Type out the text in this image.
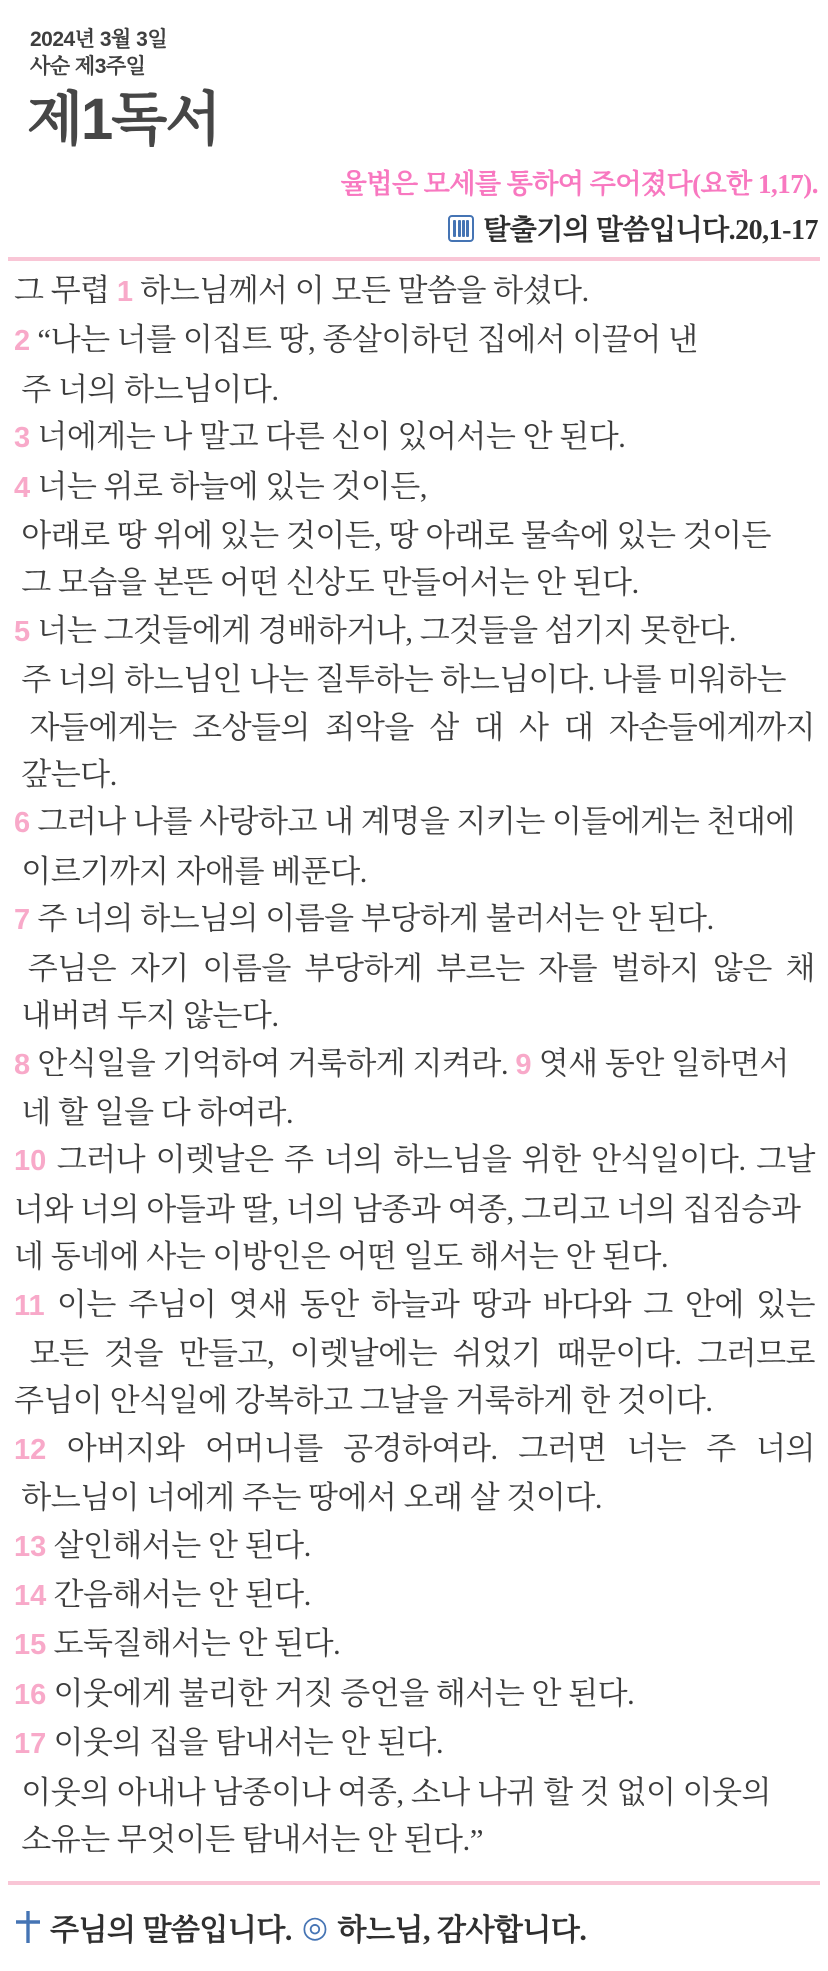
2024년 3월 3일
사순 제3주일
제1독서
율법은 모세를 통하여 주어졌다(요한 1,17).
탈출기의 말씀입니다.20,1-17
그 무렵 1 하느님께서 이 모든 말씀을 하셨다.
2 “나는 너를 이집트 땅, 종살이하던 집에서 이끌어 낸
주 너의 하느님이다.
3 너에게는 나 말고 다른 신이 있어서는 안 된다.
4 너는 위로 하늘에 있는 것이든,
아래로 땅 위에 있는 것이든, 땅 아래로 물속에 있는 것이든
그 모습을 본뜬 어떤 신상도 만들어서는 안 된다.
5 너는 그것들에게 경배하거나, 그것들을 섬기지 못한다.
주 너의 하느님인 나는 질투하는 하느님이다. 나를 미워하는
자들에게는 조상들의 죄악을 삼 대 사 대 자손들에게까지
갚는다.
6 그러나 나를 사랑하고 내 계명을 지키는 이들에게는 천대에
이르기까지 자애를 베푼다.
7 주 너의 하느님의 이름을 부당하게 불러서는 안 된다.
주님은 자기 이름을 부당하게 부르는 자를 벌하지 않은 채
내버려 두지 않는다.
8 안식일을 기억하여 거룩하게 지켜라. 9 엿새 동안 일하면서
네 할 일을 다 하여라.
10 그러나 이렛날은 주 너의 하느님을 위한 안식일이다. 그날
너와 너의 아들과 딸, 너의 남종과 여종, 그리고 너의 집짐승과
네 동네에 사는 이방인은 어떤 일도 해서는 안 된다.
11 이는 주님이 엿새 동안 하늘과 땅과 바다와 그 안에 있는
모든 것을 만들고, 이렛날에는 쉬었기 때문이다. 그러므로
주님이 안식일에 강복하고 그날을 거룩하게 한 것이다.
12 아버지와 어머니를 공경하여라. 그러면 너는 주 너의
하느님이 너에게 주는 땅에서 오래 살 것이다.
13 살인해서는 안 된다.
14 간음해서는 안 된다.
15 도둑질해서는 안 된다.
16 이웃에게 불리한 거짓 증언을 해서는 안 된다.
17 이웃의 집을 탐내서는 안 된다.
이웃의 아내나 남종이나 여종, 소나 나귀 할 것 없이 이웃의
소유는 무엇이든 탐내서는 안 된다.”
주님의 말씀입니다. ◎ 하느님, 감사합니다.
